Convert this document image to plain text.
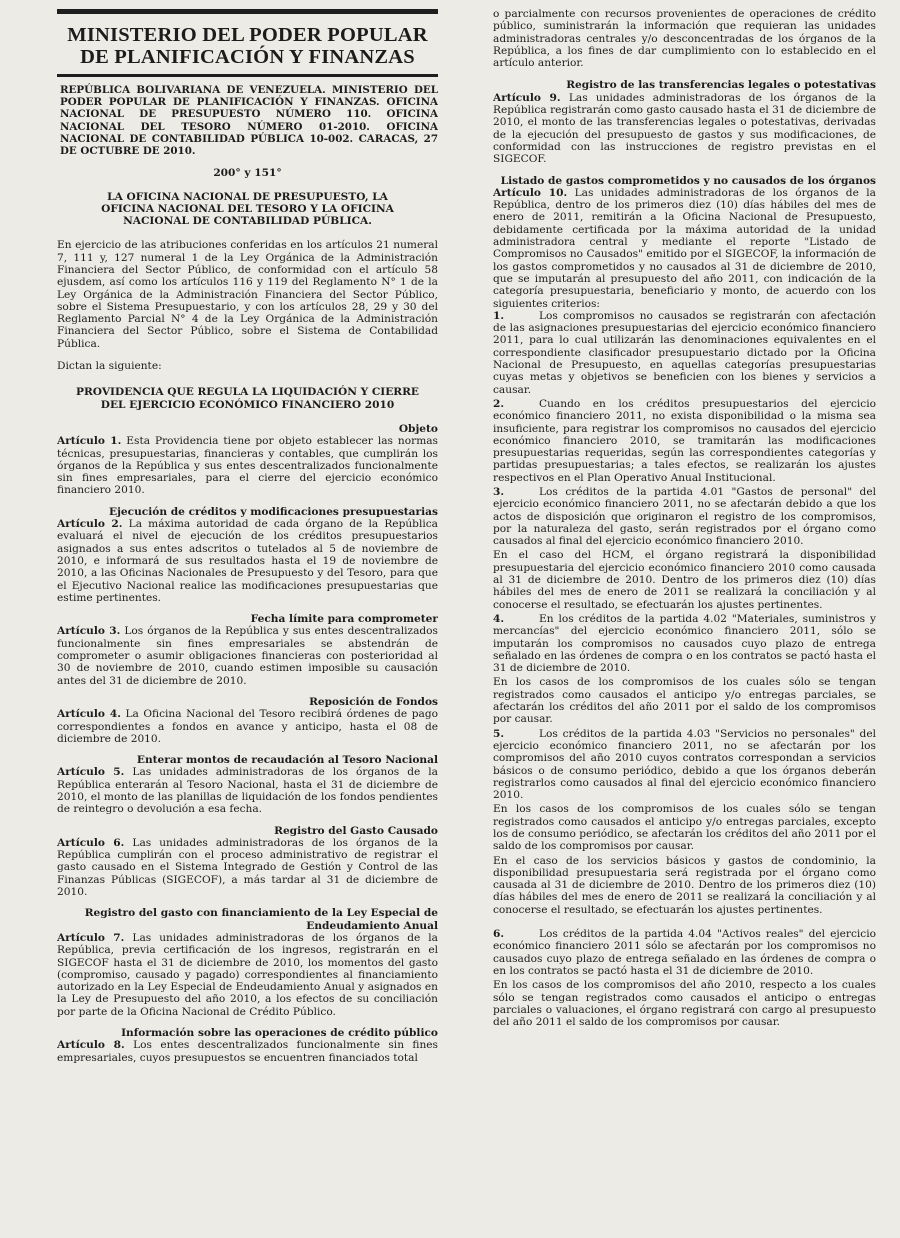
MINISTERIO DEL PODER POPULAR
DE PLANIFICACIÓN Y FINANZAS
REPÚBLICA BOLIVARIANA DE VENEZUELA. MINISTERIO DEL PODER POPULAR DE PLANIFICACIÓN Y FINANZAS. OFICINA NACIONAL DE PRESUPUESTO NÚMERO 110. OFICINA NACIONAL DEL TESORO NÚMERO 01-2010. OFICINA NACIONAL DE CONTABILIDAD PÚBLICA 10-002. CARACAS, 27 DE OCTUBRE DE 2010.
200° y 151°
LA OFICINA NACIONAL DE PRESUPUESTO, LA OFICINA NACIONAL DEL TESORO Y LA OFICINA NACIONAL DE CONTABILIDAD PÚBLICA.

En ejercicio de las atribuciones conferidas en los artículos 21 numeral 7, 111 y, 127 numeral 1 de la Ley Orgánica de la Administración Financiera del Sector Público, de conformidad con el artículo 58 ejusdem, así como los artículos 116 y 119 del Reglamento N° 1 de la Ley Orgánica de la Administración Financiera del Sector Público, sobre el Sistema Presupuestario, y con los artículos 28, 29 y 30 del Reglamento Parcial N° 4 de la Ley Orgánica de la Administración Financiera del Sector Público, sobre el Sistema de Contabilidad Pública.

Dictan la siguiente:

PROVIDENCIA QUE REGULA LA LIQUIDACIÓN Y CIERRE DEL EJERCICIO ECONÓMICO FINANCIERO 2010
Objeto

Artículo 1. Esta Providencia tiene por objeto establecer las normas técnicas, presupuestarias, financieras y contables, que cumplirán los órganos de la República y sus entes descentralizados funcionalmente sin fines empresariales, para el cierre del ejercicio económico financiero 2010.

Ejecución de créditos y modificaciones presupuestarias

Artículo 2. La máxima autoridad de cada órgano de la República evaluará el nivel de ejecución de los créditos presupuestarios asignados a sus entes adscritos o tutelados al 5 de noviembre de 2010, e informará de sus resultados hasta el 19 de noviembre de 2010, a las Oficinas Nacionales de Presupuesto y del Tesoro, para que el Ejecutivo Nacional realice las modificaciones presupuestarias que estime pertinentes.

Fecha límite para comprometer

Artículo 3. Los órganos de la República y sus entes descentralizados funcionalmente sin fines empresariales se abstendrán de comprometer o asumir obligaciones financieras con posterioridad al 30 de noviembre de 2010, cuando estimen imposible su causación antes del 31 de diciembre de 2010.

Reposición de Fondos

Artículo 4. La Oficina Nacional del Tesoro recibirá órdenes de pago correspondientes a fondos en avance y anticipo, hasta el 08 de diciembre de 2010.

Enterar montos de recaudación al Tesoro Nacional

Artículo 5. Las unidades administradoras de los órganos de la República enterarán al Tesoro Nacional, hasta el 31 de diciembre de 2010, el monto de las planillas de liquidación de los fondos pendientes de reintegro o devolución a esa fecha.

Registro del Gasto Causado

Artículo 6. Las unidades administradoras de los órganos de la República cumplirán con el proceso administrativo de registrar el gasto causado en el Sistema Integrado de Gestión y Control de las Finanzas Públicas (SIGECOF), a más tardar al 31 de diciembre de 2010.

Registro del gasto con financiamiento de la Ley Especial de Endeudamiento Anual

Artículo 7. Las unidades administradoras de los órganos de la República, previa certificación de los ingresos, registrarán en el SIGECOF hasta el 31 de diciembre de 2010, los momentos del gasto (compromiso, causado y pagado) correspondientes al financiamiento autorizado en la Ley Especial de Endeudamiento Anual y asignados en la Ley de Presupuesto del año 2010, a los efectos de su conciliación por parte de la Oficina Nacional de Crédito Público.

Información sobre las operaciones de crédito público

Artículo 8. Los entes descentralizados funcionalmente sin fines empresariales, cuyos presupuestos se encuentren financiados total

o parcialmente con recursos provenientes de operaciones de crédito público, suministrarán la información que requieran las unidades administradoras centrales y/o desconcentradas de los órganos de la República, a los fines de dar cumplimiento con lo establecido en el artículo anterior.

Registro de las transferencias legales o potestativas

Artículo 9. Las unidades administradoras de los órganos de la República registrarán como gasto causado hasta el 31 de diciembre de 2010, el monto de las transferencias legales o potestativas, derivadas de la ejecución del presupuesto de gastos y sus modificaciones, de conformidad con las instrucciones de registro previstas en el SIGECOF.

Listado de gastos comprometidos y no causados de los órganos

Artículo 10. Las unidades administradoras de los órganos de la República, dentro de los primeros diez (10) días hábiles del mes de enero de 2011, remitirán a la Oficina Nacional de Presupuesto, debidamente certificada por la máxima autoridad de la unidad administradora central y mediante el reporte "Listado de Compromisos no Causados" emitido por el SIGECOF, la información de los gastos comprometidos y no causados al 31 de diciembre de 2010, que se imputarán al presupuesto del año 2011, con indicación de la categoría presupuestaria, beneficiario y monto, de acuerdo con los siguientes criterios:

1.	Los compromisos no causados se registrarán con afectación de las asignaciones presupuestarias del ejercicio económico financiero 2011, para lo cual utilizarán las denominaciones equivalentes en el correspondiente clasificador presupuestario dictado por la Oficina Nacional de Presupuesto, en aquellas categorías presupuestarias cuyas metas y objetivos se beneficien con los bienes y servicios a causar.
2.	Cuando en los créditos presupuestarios del ejercicio económico financiero 2011, no exista disponibilidad o la misma sea insuficiente, para registrar los compromisos no causados del ejercicio económico financiero 2010, se tramitarán las modificaciones presupuestarias requeridas, según las correspondientes categorías y partidas presupuestarias; a tales efectos, se realizarán los ajustes respectivos en el Plan Operativo Anual Institucional.
3.	Los créditos de la partida 4.01 "Gastos de personal" del ejercicio económico financiero 2011, no se afectarán debido a que los actos de disposición que originaron el registro de los compromisos, por la naturaleza del gasto, serán registrados por el órgano como causados al final del ejercicio económico financiero 2010.
En el caso del HCM, el órgano registrará la disponibilidad presupuestaria del ejercicio económico financiero 2010 como causada al 31 de diciembre de 2010. Dentro de los primeros diez (10) días hábiles del mes de enero de 2011 se realizará la conciliación y al conocerse el resultado, se efectuarán los ajustes pertinentes.
4.	En los créditos de la partida 4.02 "Materiales, suministros y mercancías" del ejercicio económico financiero 2011, sólo se imputarán los compromisos no causados cuyo plazo de entrega señalado en las órdenes de compra o en los contratos se pactó hasta el 31 de diciembre de 2010.
En los casos de los compromisos de los cuales sólo se tengan registrados como causados el anticipo y/o entregas parciales, se afectarán los créditos del año 2011 por el saldo de los compromisos por causar.
5.	Los créditos de la partida 4.03 "Servicios no personales" del ejercicio económico financiero 2011, no se afectarán por los compromisos del año 2010 cuyos contratos correspondan a servicios básicos o de consumo periódico, debido a que los órganos deberán registrarlos como causados al final del ejercicio económico financiero 2010.
En los casos de los compromisos de los cuales sólo se tengan registrados como causados el anticipo y/o entregas parciales, excepto los de consumo periódico, se afectarán los créditos del año 2011 por el saldo de los compromisos por causar.
En el caso de los servicios básicos y gastos de condominio, la disponibilidad presupuestaria será registrada por el órgano como causada al 31 de diciembre de 2010. Dentro de los primeros diez (10) días hábiles del mes de enero de 2011 se realizará la conciliación y al conocerse el resultado, se efectuarán los ajustes pertinentes.
6.	Los créditos de la partida 4.04 "Activos reales" del ejercicio económico financiero 2011 sólo se afectarán por los compromisos no causados cuyo plazo de entrega señalado en las órdenes de compra o en los contratos se pactó hasta el 31 de diciembre de 2010.
En los casos de los compromisos del año 2010, respecto a los cuales sólo se tengan registrados como causados el anticipo o entregas parciales o valuaciones, el órgano registrará con cargo al presupuesto del año 2011 el saldo de los compromisos por causar.
